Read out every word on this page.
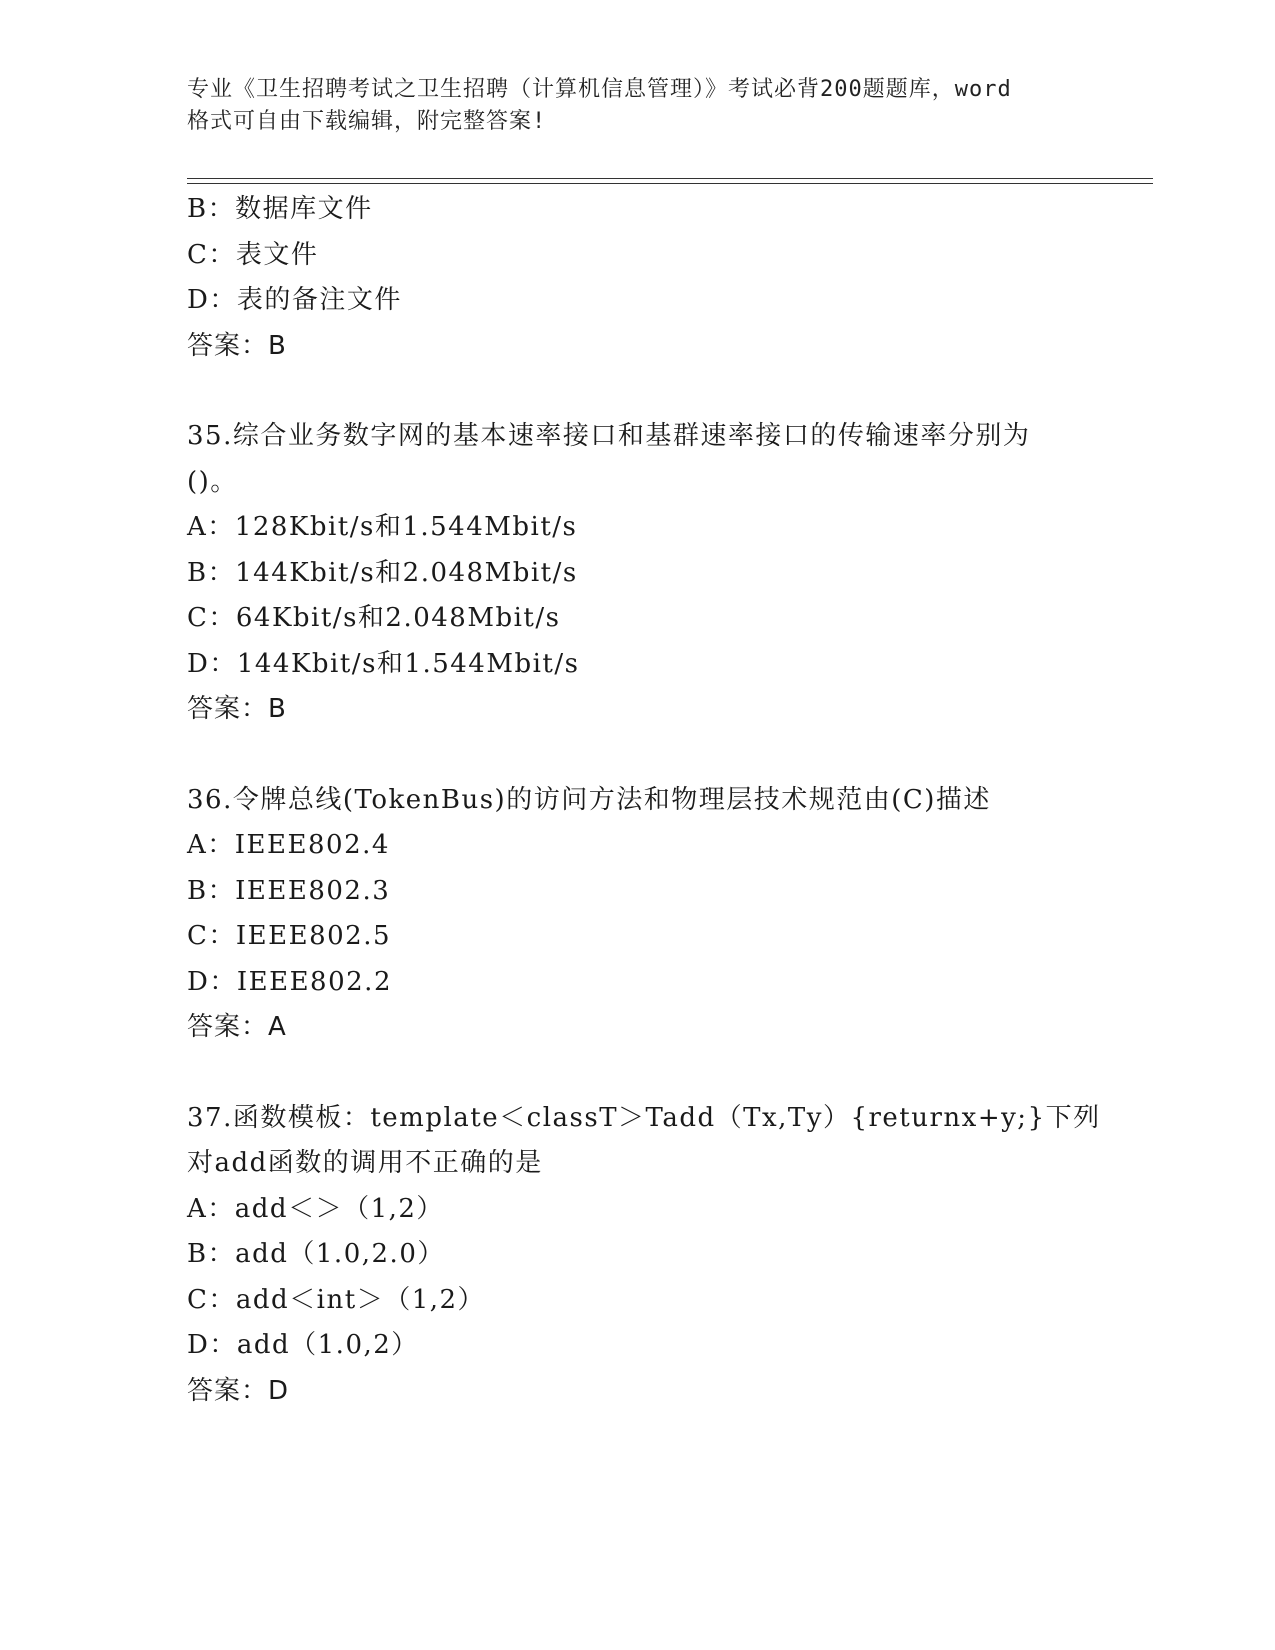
专业《卫生招聘考试之卫生招聘（计算机信息管理）》考试必背200题题库，word
格式可自由下载编辑，附完整答案!
B：数据库文件
C：表文件
D：表的备注文件
答案：B
35.综合业务数字网的基本速率接口和基群速率接口的传输速率分别为
()。
A：128Kbit/s和1.544Mbit/s
B：144Kbit/s和2.048Mbit/s
C：64Kbit/s和2.048Mbit/s
D：144Kbit/s和1.544Mbit/s
答案：B
36.令牌总线(TokenBus)的访问方法和物理层技术规范由(C)描述
A：IEEE802.4
B：IEEE802.3
C：IEEE802.5
D：IEEE802.2
答案：A
37.函数模板：template＜classT＞Tadd（Tx,Ty）{returnx+y;}下列
对add函数的调用不正确的是
A：add＜＞（1,2）
B：add（1.0,2.0）
C：add＜int＞（1,2）
D：add（1.0,2）
答案：D
